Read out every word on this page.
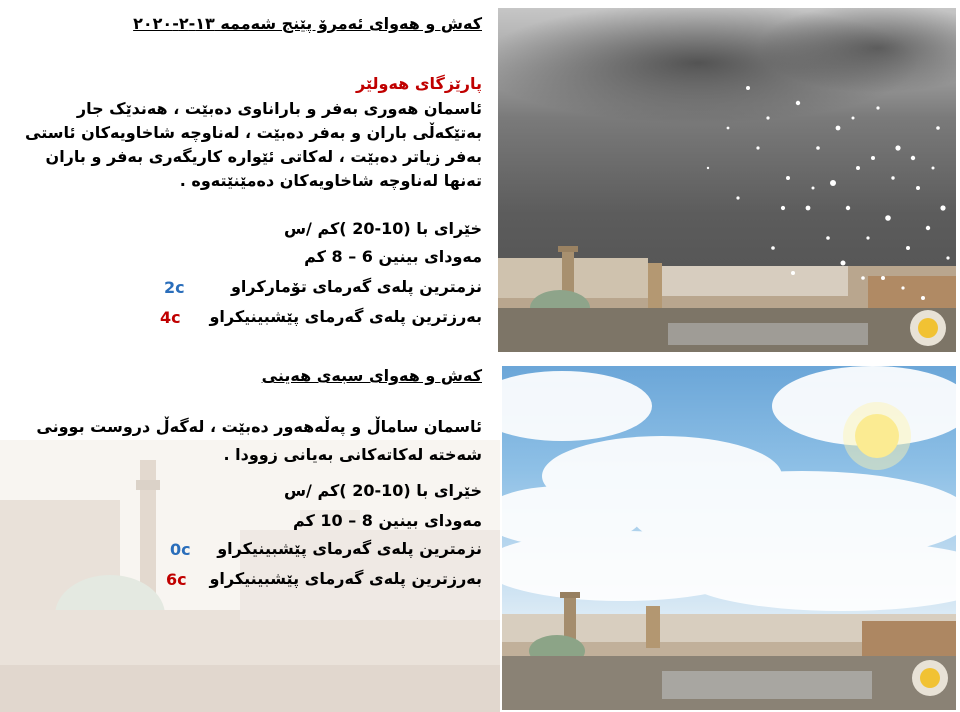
کەش و هەوای ئەمرۆ پێنج شەممە ١٣-٢-٢٠٢٠
پارێزگای هەولێر
ئاسمان هەوری بەفر و باراناوی دەبێت ، هەندێک جار
بەتێکەڵی باران و بەفر دەبێت ، لەناوچە شاخاویەکان ئاستی
بەفر زیاتر دەبێت ، لەکاتی ئێوارە کاریگەری بەفر و باران
تەنها لەناوچە شاخاویەکان دەمێنێتەوە .
خێرای با (10-20 )کم /س
مەودای بینین 6 – 8 کم
نزمترین پلەی گەرمای تۆمارکراو
2c
بەرزترین پلەی گەرمای پێشبینیکراو
4c
کەش و هەوای سبەی هەینی
ئاسمان ساماڵ و پەڵەهەور دەبێت ، لەگەڵ دروست بوونی
شەختە لەکاتەکانی بەیانی زوودا .
خێرای با (10-20 )کم /س
مەودای بینین 8 – 10 کم
نزمترین پلەی گەرمای پێشبینیکراو
0c
بەرزترین پلەی گەرمای پێشبینیکراو
6c
